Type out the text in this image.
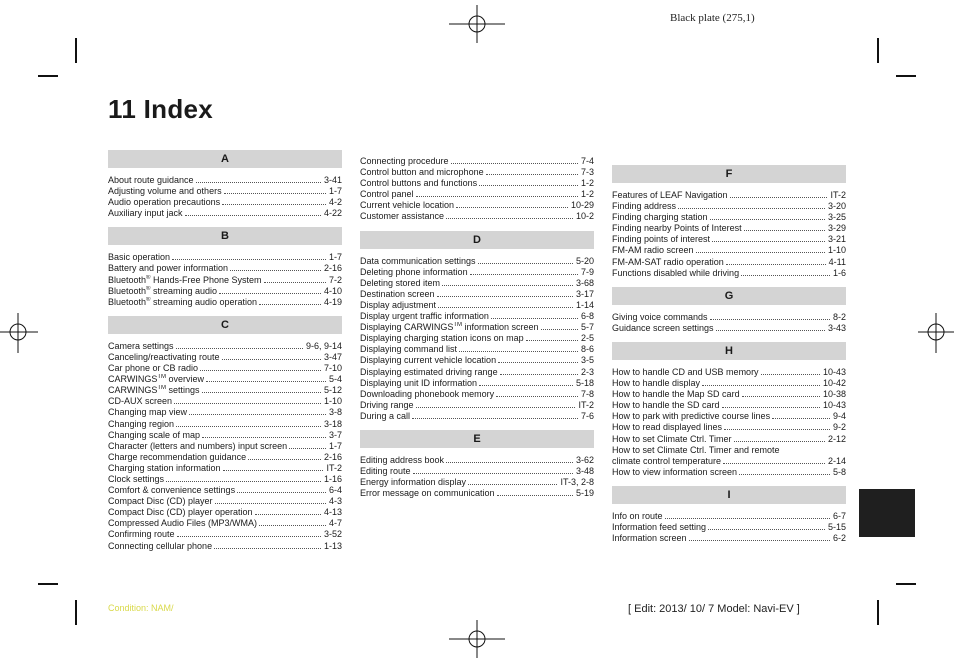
Black plate (275,1)
11 Index
A
About route guidance	3-41
Adjusting volume and others	1-7
Audio operation precautions	4-2
Auxiliary input jack	4-22
B
Basic operation	1-7
Battery and power information	2-16
Bluetooth® Hands-Free Phone System	7-2
Bluetooth® streaming audio	4-10
Bluetooth® streaming audio operation	4-19
C
Camera settings	9-6, 9-14
Canceling/reactivating route	3-47
Car phone or CB radio	7-10
CARWINGS™ overview	5-4
CARWINGS™ settings	5-12
CD-AUX screen	1-10
Changing map view	3-8
Changing region	3-18
Changing scale of map	3-7
Character (letters and numbers) input screen	1-7
Charge recommendation guidance	2-16
Charging station information	IT-2
Clock settings	1-16
Comfort & convenience settings	6-4
Compact Disc (CD) player	4-3
Compact Disc (CD) player operation	4-13
Compressed Audio Files (MP3/WMA)	4-7
Confirming route	3-52
Connecting cellular phone	1-13
Connecting procedure	7-4
Control button and microphone	7-3
Control buttons and functions	1-2
Control panel	1-2
Current vehicle location	10-29
Customer assistance	10-2
D
Data communication settings	5-20
Deleting phone information	7-9
Deleting stored item	3-68
Destination screen	3-17
Display adjustment	1-14
Display urgent traffic information	6-8
Displaying CARWINGS™ information screen	5-7
Displaying charging station icons on map	2-5
Displaying command list	8-6
Displaying current vehicle location	3-5
Displaying estimated driving range	2-3
Displaying unit ID information	5-18
Downloading phonebook memory	7-8
Driving range	IT-2
During a call	7-6
E
Editing address book	3-62
Editing route	3-48
Energy information display	IT-3, 2-8
Error message on communication	5-19
F
Features of LEAF Navigation	IT-2
Finding address	3-20
Finding charging station	3-25
Finding nearby Points of Interest	3-29
Finding points of interest	3-21
FM-AM radio screen	1-10
FM-AM-SAT radio operation	4-11
Functions disabled while driving	1-6
G
Giving voice commands	8-2
Guidance screen settings	3-43
H
How to handle CD and USB memory	10-43
How to handle display	10-42
How to handle the Map SD card	10-38
How to handle the SD card	10-43
How to park with predictive course lines	9-4
How to read displayed lines	9-2
How to set Climate Ctrl. Timer	2-12
How to set Climate Ctrl. Timer and remote
climate control temperature	2-14
How to view information screen	5-8
I
Info on route	6-7
Information feed setting	5-15
Information screen	6-2
Condition: NAM/	[ Edit: 2013/ 10/ 7 Model: Navi-EV ]
